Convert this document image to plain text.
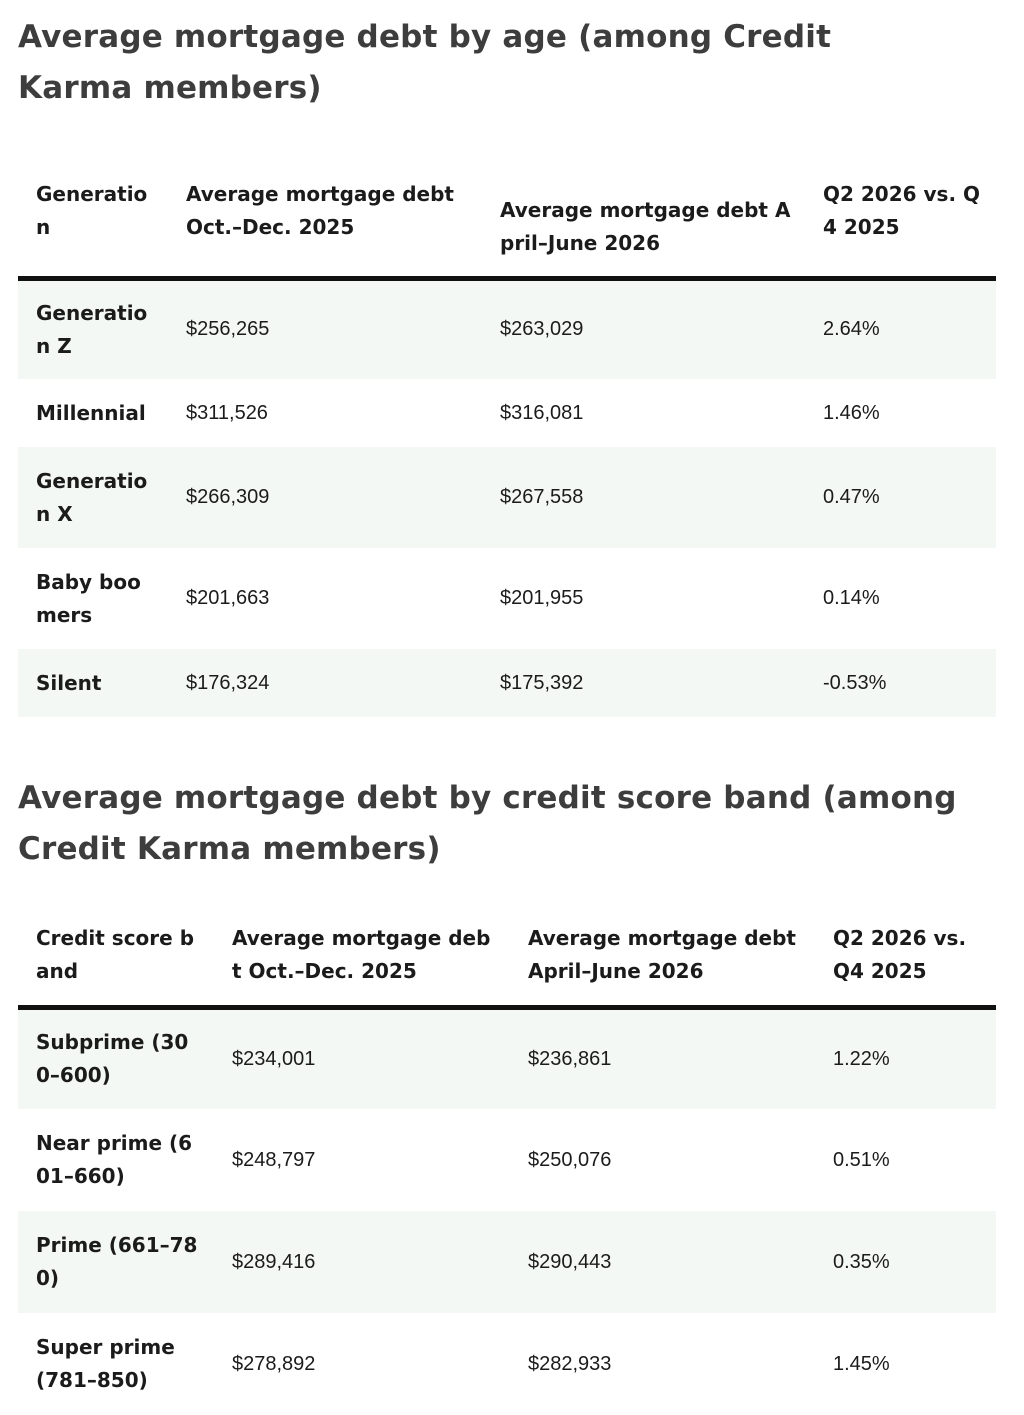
Average mortgage debt by age (among Credit Karma members)
Generation	Average mortgage debt Oct.–Dec. 2025	Average mortgage debt April–June 2026	Q2 2026 vs. Q4 2025
Generation Z	$256,265	$263,029	2.64%
Millennial	$311,526	$316,081	1.46%
Generation X	$266,309	$267,558	0.47%
Baby boomers	$201,663	$201,955	0.14%
Silent	$176,324	$175,392	-0.53%
Average mortgage debt by credit score band (among Credit Karma members)
Credit score band	Average mortgage debt Oct.–Dec. 2025	Average mortgage debt April–June 2026	Q2 2026 vs. Q4 2025
Subprime (300–600)	$234,001	$236,861	1.22%
Near prime (601–660)	$248,797	$250,076	0.51%
Prime (661–780)	$289,416	$290,443	0.35%
Super prime (781–850)	$278,892	$282,933	1.45%
